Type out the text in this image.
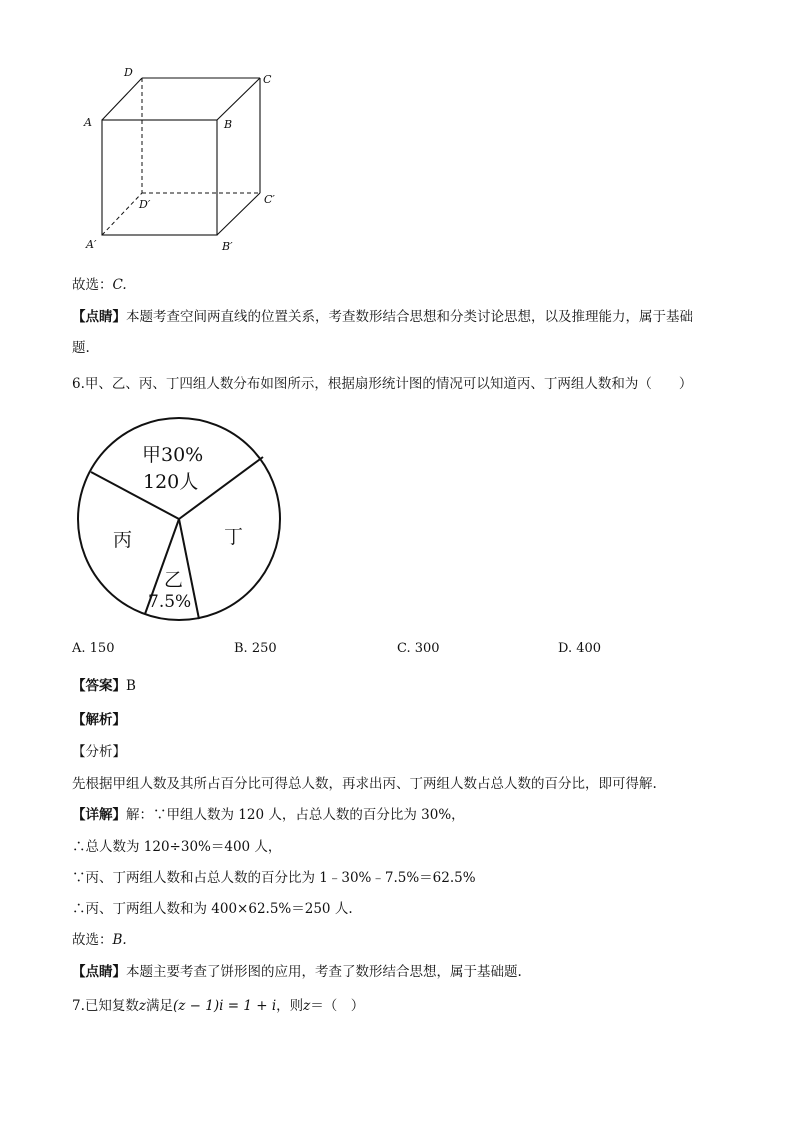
D
C
A	B
D′	C′
A′	B′
故选：C.
【点睛】本题考查空间两直线的位置关系，考查数形结合思想和分类讨论思想，以及推理能力，属于基础
题.
6.甲、乙、丙、丁四组人数分布如图所示，根据扇形统计图的情况可以知道丙、丁两组人数和为（　　）
甲30%
120人
丙	丁
乙
7.5%
A. 150	B. 250	C. 300	D. 400
【答案】B
【解析】
【分析】
先根据甲组人数及其所占百分比可得总人数，再求出丙、丁两组人数占总人数的百分比，即可得解.
【详解】解：∵甲组人数为 120 人，占总人数的百分比为 30%，
∴总人数为 120÷30%＝400 人，
∵丙、丁两组人数和占总人数的百分比为 1﹣30%﹣7.5%＝62.5%
∴丙、丁两组人数和为 400×62.5%＝250 人.
故选：B.
【点睛】本题主要考查了饼形图的应用，考查了数形结合思想，属于基础题.
7.已知复数z满足(z − 1)i = 1 + i，则z＝（　）
